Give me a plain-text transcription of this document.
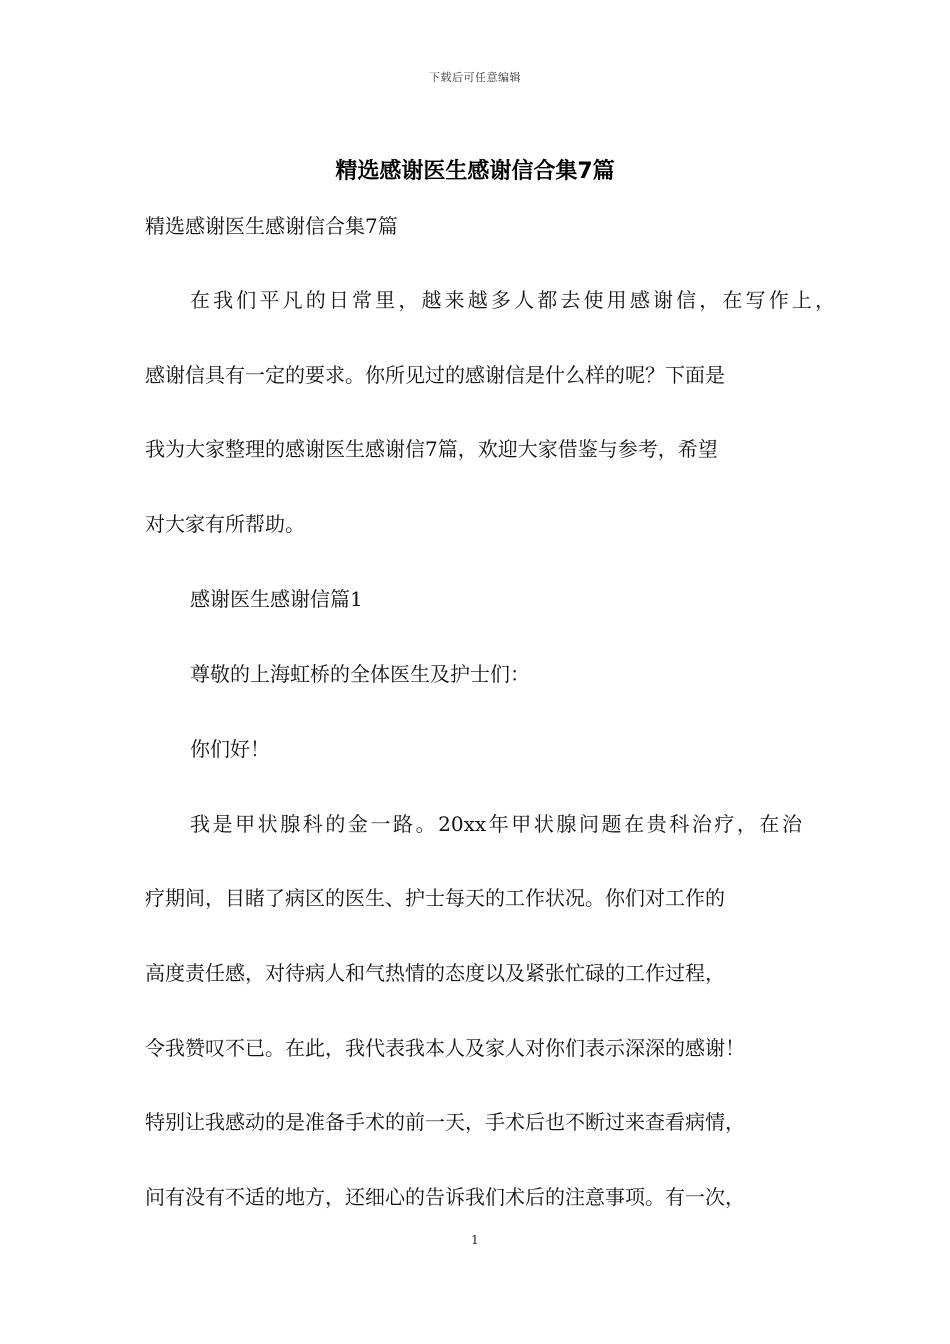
下载后可任意编辑
精选感谢医生感谢信合集7篇
精选感谢医生感谢信合集7篇
在我们平凡的日常里，越来越多人都去使用感谢信，在写作上，
感谢信具有一定的要求。你所见过的感谢信是什么样的呢？下面是
我为大家整理的感谢医生感谢信7篇，欢迎大家借鉴与参考，希望
对大家有所帮助。
感谢医生感谢信篇1
尊敬的上海虹桥的全体医生及护士们：
你们好！
我是甲状腺科的金一路。20xx年甲状腺问题在贵科治疗，在治
疗期间，目睹了病区的医生、护士每天的工作状况。你们对工作的
高度责任感，对待病人和气热情的态度以及紧张忙碌的工作过程，
令我赞叹不已。在此，我代表我本人及家人对你们表示深深的感谢！
特别让我感动的是准备手术的前一天，手术后也不断过来查看病情，
问有没有不适的地方，还细心的告诉我们术后的注意事项。有一次，
1
